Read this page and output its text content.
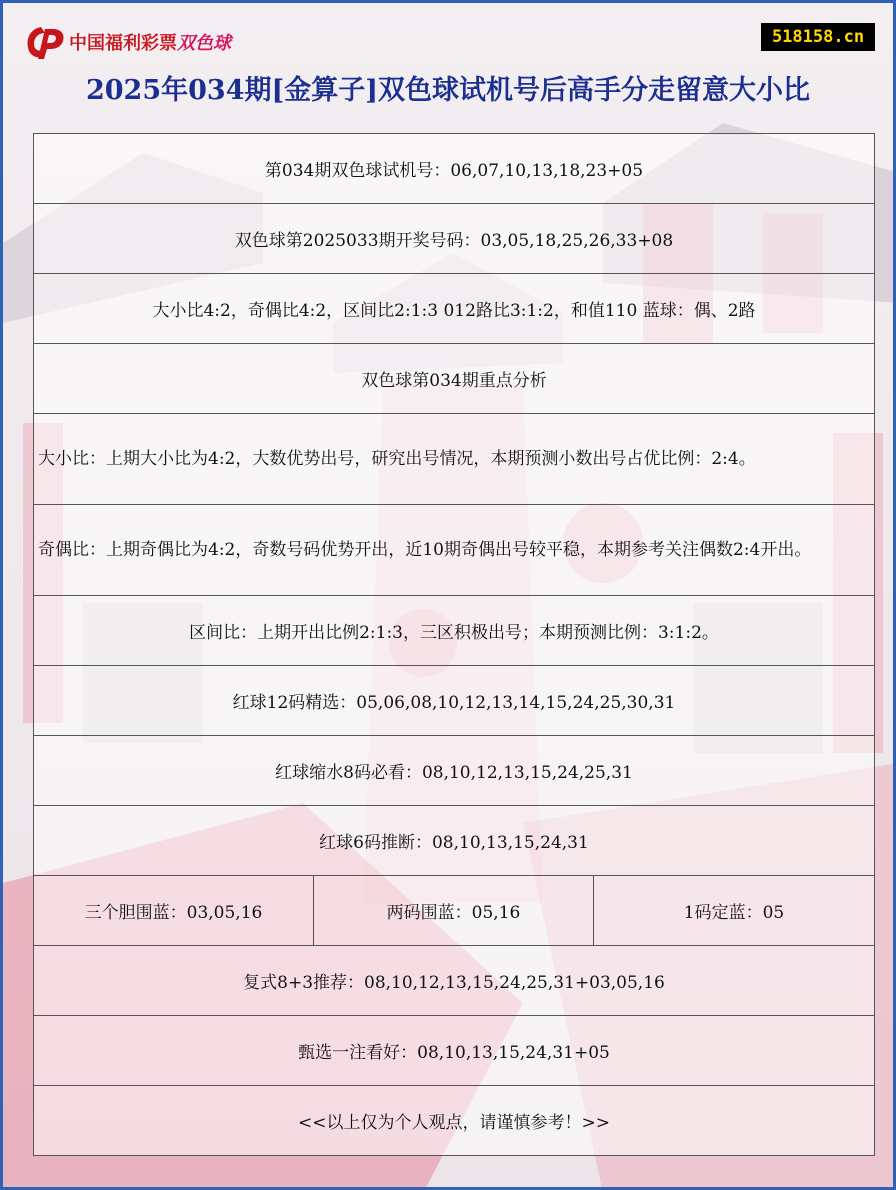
中国福利彩票双色球	518158.cn
2025年034期[金算子]双色球试机号后高手分走留意大小比
第034期双色球试机号：06,07,10,13,18,23+05
双色球第2025033期开奖号码：03,05,18,25,26,33+08
大小比4:2，奇偶比4:2，区间比2:1:3 012路比3:1:2，和值110 蓝球：偶、2路
双色球第034期重点分析
大小比：上期大小比为4:2，大数优势出号，研究出号情况，本期预测小数出号占优比例：2:4。
奇偶比：上期奇偶比为4:2，奇数号码优势开出，近10期奇偶出号较平稳，本期参考关注偶数2:4开出。
区间比：上期开出比例2:1:3，三区积极出号；本期预测比例：3:1:2。
红球12码精选：05,06,08,10,12,13,14,15,24,25,30,31
红球缩水8码必看：08,10,12,13,15,24,25,31
红球6码推断：08,10,13,15,24,31
三个胆围蓝：03,05,16	两码围蓝：05,16	1码定蓝：05
复式8+3推荐：08,10,12,13,15,24,25,31+03,05,16
甄选一注看好：08,10,13,15,24,31+05
<<以上仅为个人观点，请谨慎参考！>>
